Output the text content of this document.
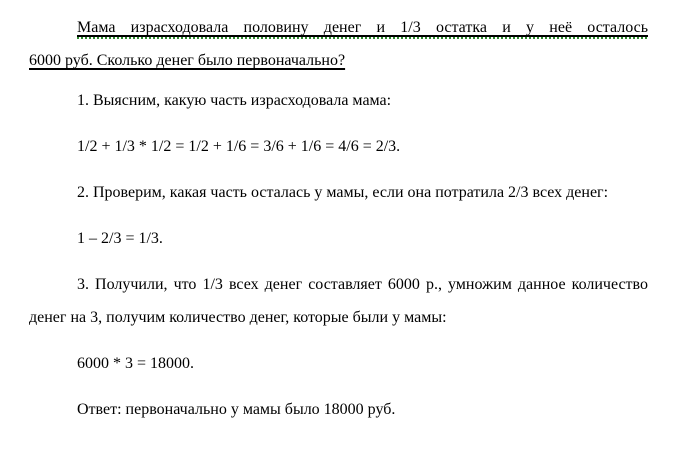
Мама израсходовала половину денег и 1/3 остатка и у неё осталось
6000 руб. Сколько денег было первоначально?

1. Выясним, какую часть израсходовала мама:

1/2 + 1/3 * 1/2 = 1/2 + 1/6 = 3/6 + 1/6 = 4/6 = 2/3.

2. Проверим, какая часть осталась у мамы, если она потратила 2/3 всех денег:

1 – 2/3 = 1/3.

3. Получили, что 1/3 всех денег составляет 6000 р., умножим данное количество денег на 3, получим количество денег, которые были у мамы:

6000 * 3 = 18000.

Ответ: первоначально у мамы было 18000 руб.
